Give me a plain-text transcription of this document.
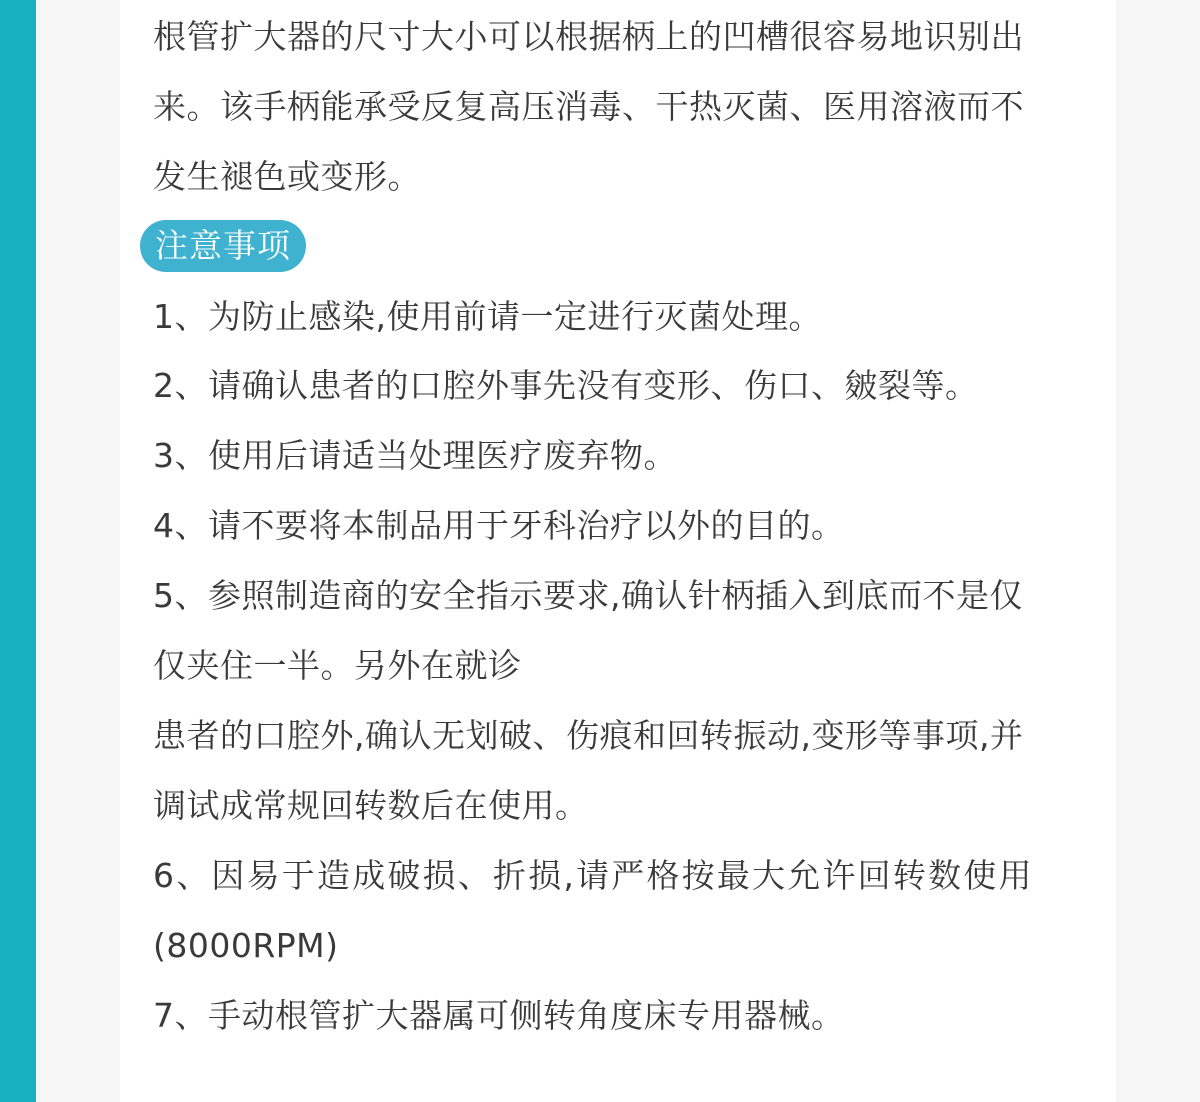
根管扩大器的尺寸大小可以根据柄上的凹槽很容易地识别出
来。该手柄能承受反复高压消毒、干热灭菌、医用溶液而不
发生褪色或变形。
注意事项
1、为防止感染,使用前请一定进行灭菌处理。
2、请确认患者的口腔外事先没有变形、伤口、皴裂等。
3、使用后请适当处理医疗废弃物。
4、请不要将本制品用于牙科治疗以外的目的。
5、参照制造商的安全指示要求,确认针柄插入到底而不是仅
仅夹住一半。另外在就诊
患者的口腔外,确认无划破、伤痕和回转振动,变形等事项,并
调试成常规回转数后在使用。
6、因易于造成破损、折损,请严格按最大允许回转数使用
(8000RPM)
7、手动根管扩大器属可侧转角度床专用器械。
